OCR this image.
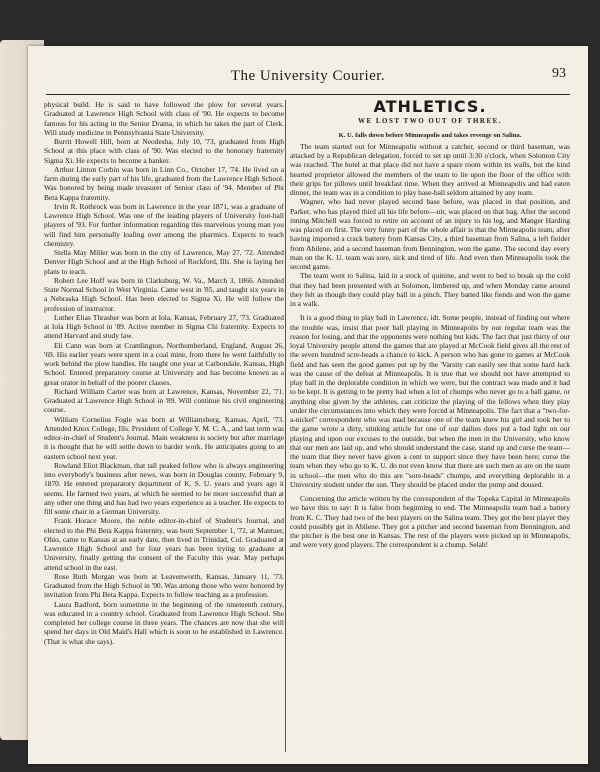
The University Courier.	93

physical build. He is said to have followed the plow for several years. Graduated at Lawrence High School with class of '90. He expects to become famous for his acting in the Senior Drama, in which he takes the part of Clerk. Will study medicine in Pennsylvania State University.

Burrit Howell Hill, born at Neodesha, July 10, '73, graduated from High School at this place with class of '90. Was elected to the honorary fraternity Sigma Xi. He expects to become a banker.

Arthur Linton Corbin was born in Linn Co., October 17, '74. He lived on a farm during the early part of his life, graduated from the Lawrence High School. Was honored by being made treasurer of Senior class of '94. Member of Phi Beta Kappa fraternity.

Irvin R. Rothrock was born in Lawrence in the year 1871, was a graduate of Lawrence High School. Was one of the leading players of University foot-ball players of '93. For further information regarding this marvelous young man you will find him personally loafing over among the pharmics. Expects to teach chemistry.

Stella May Miller was born in the city of Lawrence, May 27, '72. Attended Denver High School and at the High School of Rockford, Ills. She is laying her plans to teach.

Robert Lee Hoff was born in Clarksburg, W. Va., March 3, 1866. Attended State Normal School in West Virginia. Came west in '85, and taught six years in a Nebraska High School. Has been elected to Sigma Xi. He will follow the profession of instructor.

Luther Elias Thrasher was born at Iola, Kansas, February 27, '73. Graduated at Iola High School in '89. Active member in Sigma Chi fraternity. Expects to attend Harvard and study law.

Eli Cann was born at Cramlington, Northumberland, England, August 26, '69. His earlier years were spent in a coal mine, from there he went faithfully to work behind the plow handles. He taught one year at Carbondale, Kansas, High School. Entered preparatory course at University and has become known as a great orator in behalf of the poorer classes.

Richard William Carter was born at Lawrence, Kansas, November 22, '71. Graduated at Lawrence High School in '89. Will continue his civil engineering course.

William Cornelius Fogle was born at Williamsburg, Kansas, April, '73. Attended Knox College, Ills. President of College Y. M. C. A., and last term was editor-in-chief of Student's Journal. Main weakness is society but after marriage it is thought that he will settle down to harder work. He anticipates going to an eastern school next year.

Rowland Eliot Blackman, that tall peaked fellow who is always engineering into everybody's business after news, was born in Douglas county, February 9, 1870. He entered preparatory department of K. S. U. years and years ago it seems. He farmed two years, at which he seemed to be more successful than at any other one thing and has had two years experience as a teacher. He expects to fill some chair in a German University.

Frank Horace Moore, the noble editor-in-chief of Student's Journal, and elected to the Phi Beta Kappa fraternity, was born September 1, '72, at Mantuer, Ohio, came to Kansas at an early date, then lived in Trinidad, Col. Graduated at Lawrence High School and for four years has been trying to graduate at University, finally getting the consent of the Faculty this year. May perhaps attend school in the east.

Rose Ruth Morgan was born at Leavenworth, Kansas, January 11, '73. Graduated from the High School in '90. Was among those who were honored by invitation from Phi Beta Kappa. Expects to follow teaching as a profession.

Laura Radford, born sometime in the beginning of the nineteenth century, was educated in a country school. Graduated from Lawrence High School. She completed her college course in three years. The chances are now that she will spend her days in Old Maid's Hall which is soon to be established in Lawrence. (That is what she says).

ATHLETICS.
WE LOST TWO OUT OF THREE.
K. U. falls down before Minneapolis and takes revenge on Salina.

The team started out for Minneapolis without a catcher, second or third baseman, was attacked by a Republican delegation, forced to set up until 3:30 o'clock, when Solomon City was reached. The hotel at that place did not have a spare room within its walls, but the kind hearted proprietor allowed the members of the team to lie upon the floor of the office with their grips for pillows until breakfast time. When they arrived at Minneapolis and had eaten dinner, the team was in a condition to play base-ball seldom attained by any team.

Wagner, who had never played second base before, was placed in that position, and Parker, who has played third all his life before—nit, was placed on that bag. After the second inning Mitchell was forced to retire on account of an injury to his leg, and Manger Harding was placed on first. The very funny part of the whole affair is that the Minneapolis team, after having imported a crack battery from Kansas City, a third baseman from Salina, a left fielder from Abilene, and a second baseman from Bennington, won the game. The second day every man on the K. U. team was sore, sick and tired of life. And even then Minneapolis took the second game.

The team went to Salina, laid in a stock of quinine, and went to bed to break up the cold that they had been presented with at Solomon, limbered up, and when Monday came around they felt as though they could play ball in a pinch. They batted like fiends and won the game in a walk.

It is a good thing to play ball in Lawrence, idt. Some people, instead of finding out where the trouble was, insist that poor ball playing in Minneapolis by our regular team was the reason for losing, and that the opponents were nothing but kids. The fact that just thirty of our loyal University people attend the games that are played at McCook field gives all the rest of the seven hundred scre-heads a chance to kick. A person who has gone to games at McCook field and has seen the good games put up by the 'Varsity can easily see that some hard luck was the cause of the defeat at Minneapolis. It is true that we should not have attempted to play ball in the deplorable condition in which we were, but the contract was made and it had to be kept. It is getting to be pretty bad when a lot of chumps who never go to a ball game, or anything else given by the athletes, can criticize the playing of the fellows when they play under the circumstances into which they were forced at Minneapolis. The fact that a "two-for-a-nickel" correspondent who was mad because one of the team knew his girl and took her to the game wrote a dirty, stinking article for one of our dailies does put a bad light on our playing and upon our excuses to the outside, but when the men in the University, who know that our men are laid up, and who should understand the case, stand up and curse the team—the team that they never have given a cent to support since they have been here; curse the team when they who go to K. U. do not even know that there are such men as are on the team in school—the men who do this are "sore-heads" chumps, and everything deplorable in a University student under the sun. They should be placed under the pump and doused.

Concerning the article written by the correspondent of the Topeka Capital in Minneapolis we have this to say: It is false from beginning to end. The Minneapolis team had a battery from K. C. They had two of the best players on the Salina team. They got the best player they could possibly get in Abilene. They got a pitcher and second baseman from Bennington, and the pitcher is the best one in Kansas. The rest of the players were picked up in Minneapolis, and were very good players. The correspondent is a chump. Selah!
